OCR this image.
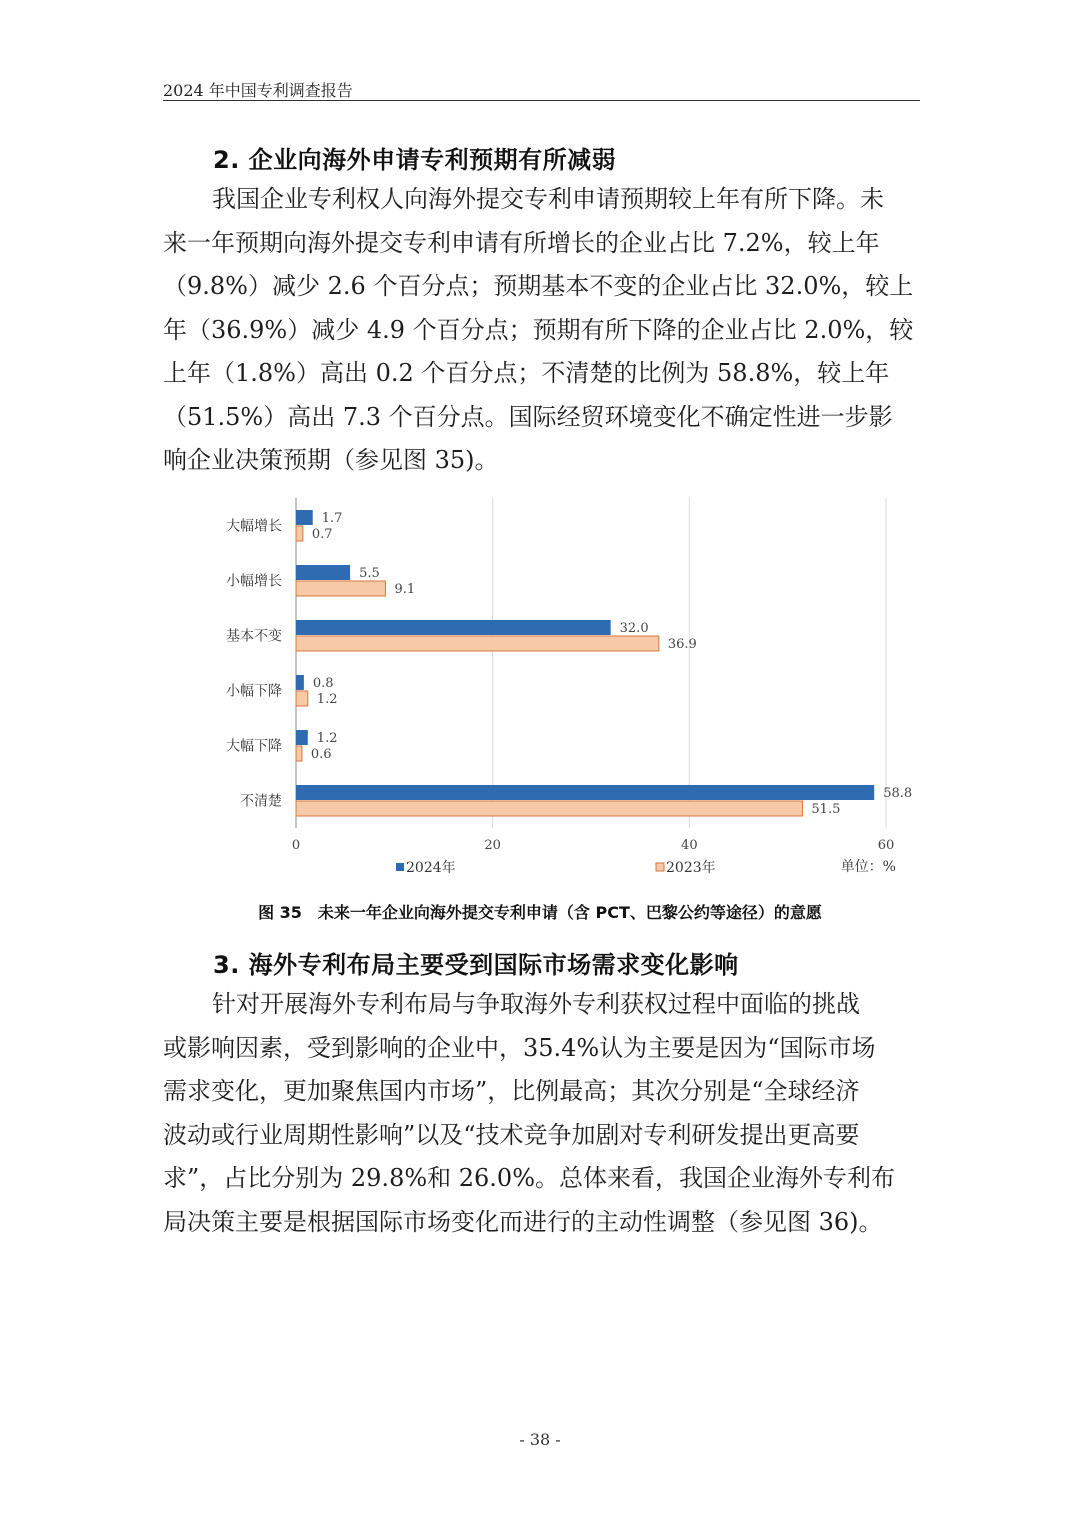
2024 年中国专利调查报告
2. 企业向海外申请专利预期有所减弱
我国企业专利权人向海外提交专利申请预期较上年有所下降。未
来一年预期向海外提交专利申请有所增长的企业占比 7.2%，较上年
（9.8%）减少 2.6 个百分点；预期基本不变的企业占比 32.0%，较上
年（36.9%）减少 4.9 个百分点；预期有所下降的企业占比 2.0%，较
上年（1.8%）高出 0.2 个百分点；不清楚的比例为 58.8%，较上年
（51.5%）高出 7.3 个百分点。国际经贸环境变化不确定性进一步影
响企业决策预期（参见图 35)。
0	20	40	60
大幅增长	1.7
0.7
小幅增长	5.5
9.1
基本不变	32.0
36.9
小幅下降 0.8
1.2
大幅下降	1.2
0.6
不清楚	58.8
51.5
2024年	2023年	单位：%
图 35　未来一年企业向海外提交专利申请（含 PCT、巴黎公约等途径）的意愿
3. 海外专利布局主要受到国际市场需求变化影响
针对开展海外专利布局与争取海外专利获权过程中面临的挑战
或影响因素，受到影响的企业中，35.4%认为主要是因为“国际市场
需求变化，更加聚焦国内市场”，比例最高；其次分别是“全球经济
波动或行业周期性影响”以及“技术竞争加剧对专利研发提出更高要
求”，占比分别为 29.8%和 26.0%。总体来看，我国企业海外专利布
局决策主要是根据国际市场变化而进行的主动性调整（参见图 36)。
- 38 -
